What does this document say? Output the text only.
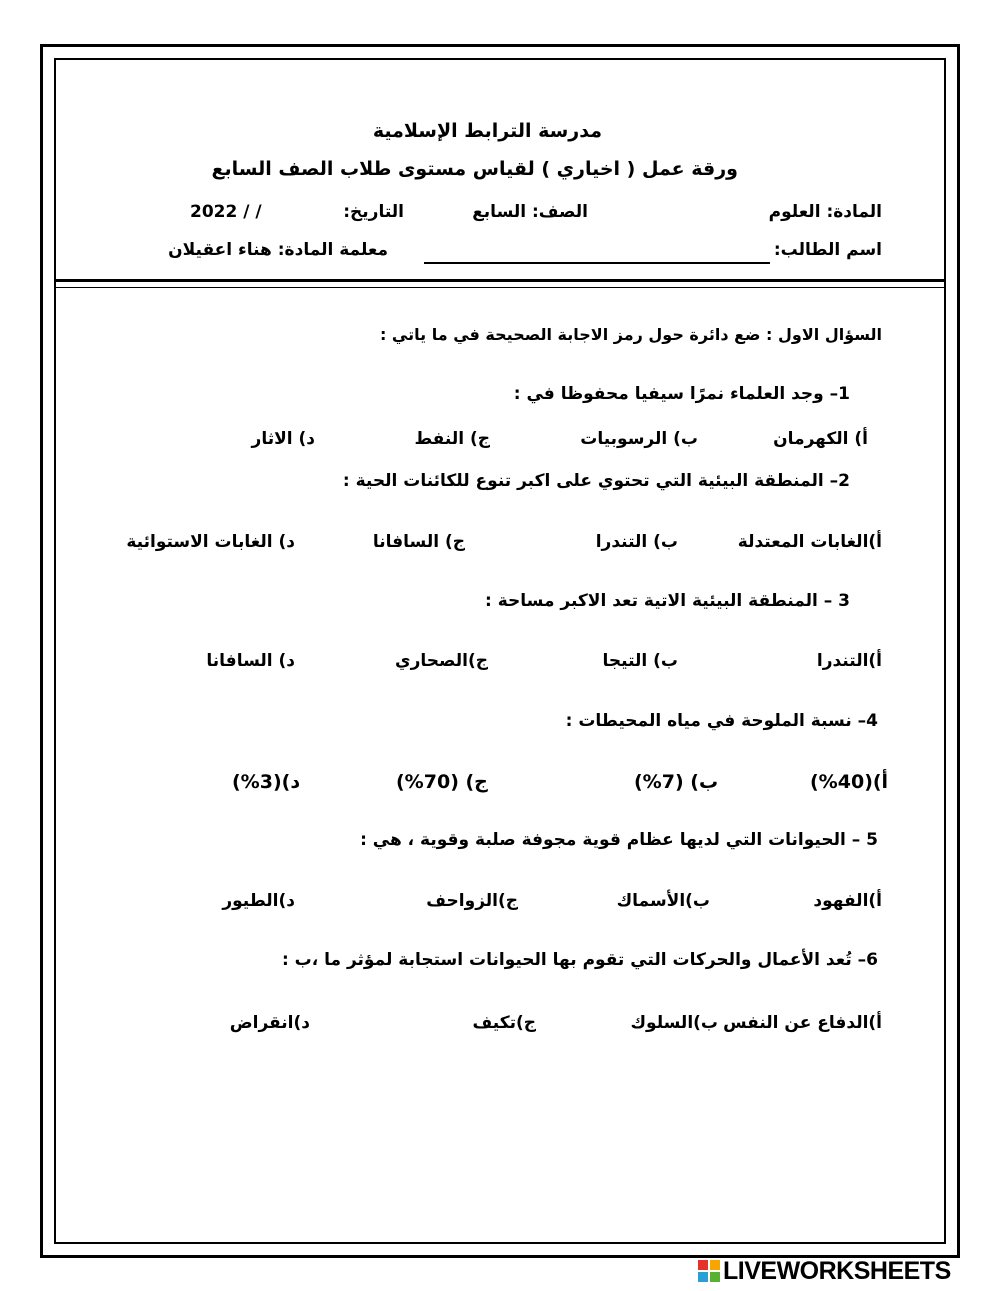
مدرسة الترابط الإسلامية
ورقة عمل ( اخياري ) لقياس مستوى طلاب الصف السابع
المادة: العلوم
الصف: السابع
التاريخ:
2022 / /
اسم الطالب:
معلمة المادة: هناء اعقيلان
السؤال الاول : ضع دائرة حول رمز الاجابة الصحيحة في ما ياتي :
1– وجد العلماء نمرًا سيفيا محفوظا في :
أ) الكهرمان
ب) الرسوبيات
ج) النفط
د) الاثار
2– المنطقة البيئية التي تحتوي على اكبر تنوع للكائنات الحية :
أ)الغابات المعتدلة
ب) التندرا
ج) السافانا
د) الغابات الاستوائية
3 – المنطقة البيئية الاتية تعد الاكبر مساحة :
أ)التندرا
ب) التيجا
ج)الصحاري
د) السافانا
4– نسبة الملوحة في مياه المحيطات :
أ)(40%)
ب) (7%)
ج) (70%)
د)(3%)
5 – الحيوانات التي لديها عظام قوية مجوفة صلبة وقوية ، هي :
أ)الفهود
ب)الأسماك
ج)الزواحف
د)الطيور
6– تُعد الأعمال والحركات التي تقوم بها الحيوانات استجابة لمؤثر ما ،ب :
أ)الدفاع عن النفس
ب)السلوك
ج)تكيف
د)انقراض
LIVEWORKSHEETS
